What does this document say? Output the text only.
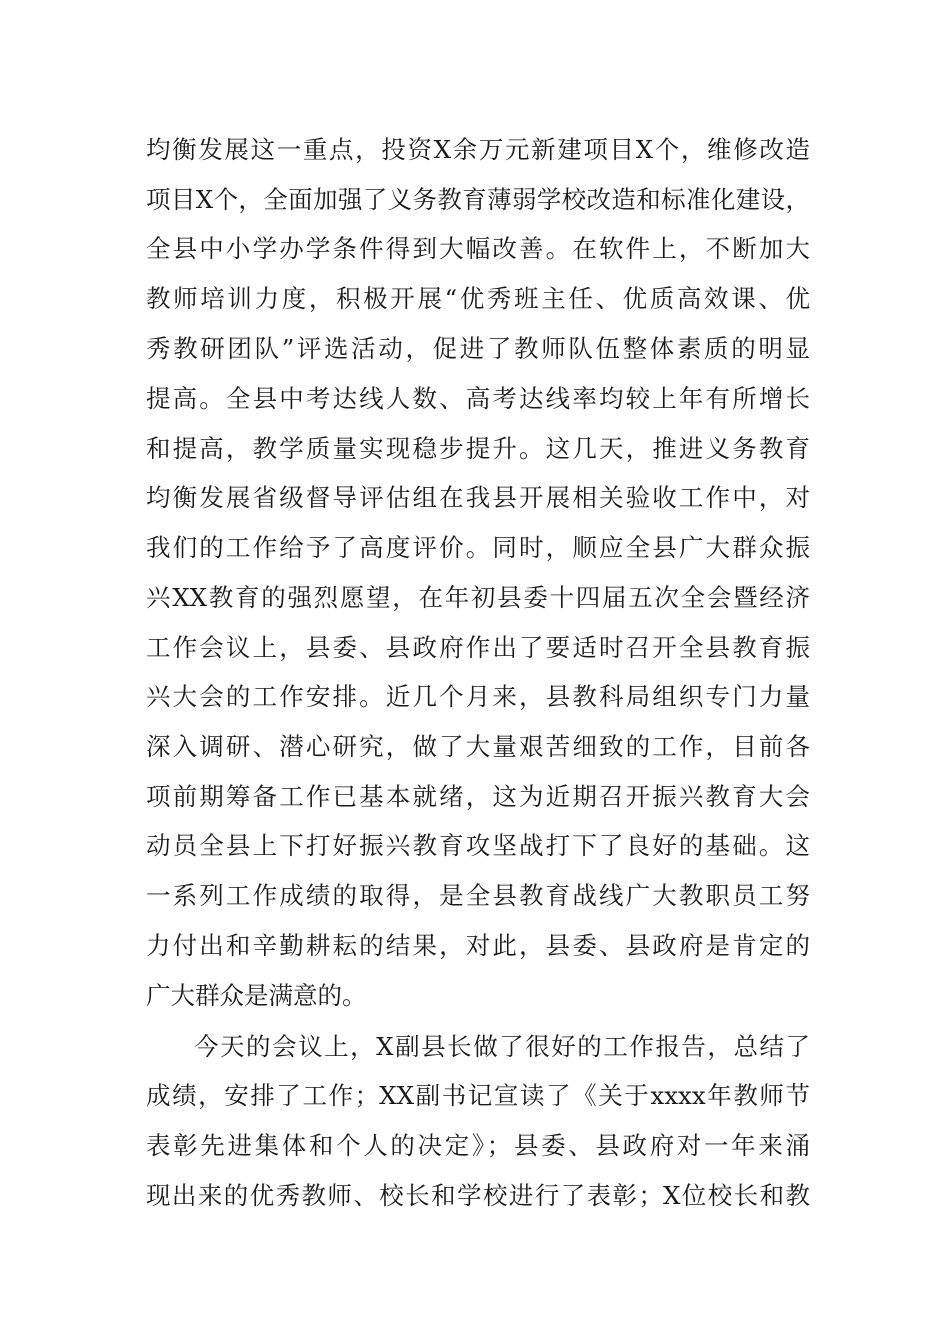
均衡发展这一重点，投资X余万元新建项目X个，维修改造
项目X个，全面加强了义务教育薄弱学校改造和标准化建设，
全县中小学办学条件得到大幅改善。在软件上，不断加大
教师培训力度，积极开展“优秀班主任、优质高效课、优
秀教研团队”评选活动，促进了教师队伍整体素质的明显
提高。全县中考达线人数、高考达线率均较上年有所增长
和提高，教学质量实现稳步提升。这几天，推进义务教育
均衡发展省级督导评估组在我县开展相关验收工作中，对
我们的工作给予了高度评价。同时，顺应全县广大群众振
兴XX教育的强烈愿望，在年初县委十四届五次全会暨经济
工作会议上，县委、县政府作出了要适时召开全县教育振
兴大会的工作安排。近几个月来，县教科局组织专门力量
深入调研、潜心研究，做了大量艰苦细致的工作，目前各
项前期筹备工作已基本就绪，这为近期召开振兴教育大会
动员全县上下打好振兴教育攻坚战打下了良好的基础。这
一系列工作成绩的取得，是全县教育战线广大教职员工努
力付出和辛勤耕耘的结果，对此，县委、县政府是肯定的
广大群众是满意的。
今天的会议上，X副县长做了很好的工作报告，总结了
成绩，安排了工作；XX副书记宣读了《关于xxxx年教师节
表彰先进集体和个人的决定》；县委、县政府对一年来涌
现出来的优秀教师、校长和学校进行了表彰；X位校长和教
